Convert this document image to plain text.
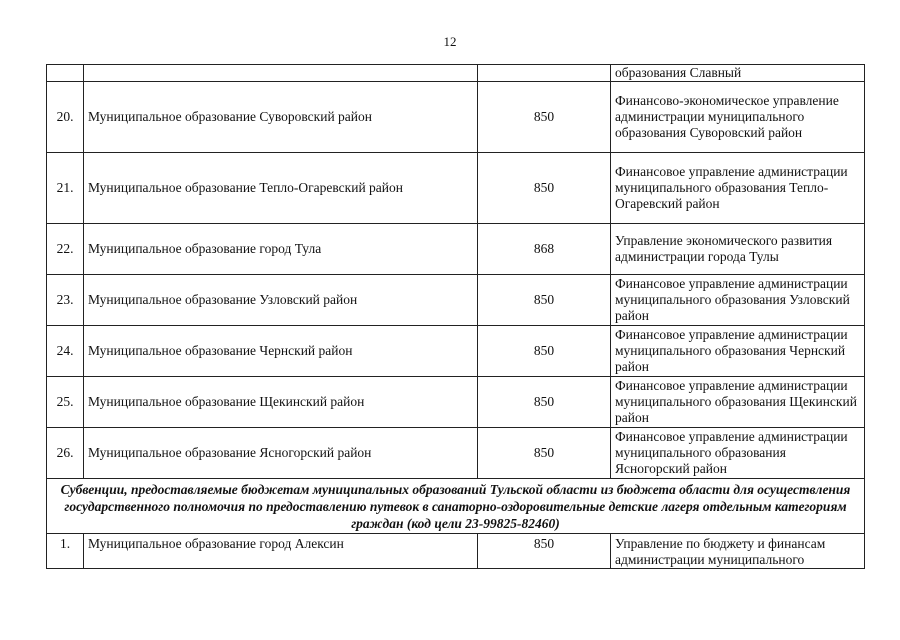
12
			образования Славный
20.	Муниципальное образование Суворовский район	850	Финансово-экономическое управление администрации муниципального образования Суворовский район
21.	Муниципальное образование Тепло-Огаревский район	850	Финансовое управление администрации муниципального образования Тепло-Огаревский район
22.	Муниципальное образование город Тула	868	Управление экономического развития администрации города Тулы
23.	Муниципальное образование Узловский район	850	Финансовое управление администрации муниципального образования Узловский район
24.	Муниципальное образование Чернский район	850	Финансовое управление администрации муниципального образования Чернский район
25.	Муниципальное образование Щекинский район	850	Финансовое управление администрации муниципального образования Щекинский район
26.	Муниципальное образование Ясногорский район	850	Финансовое управление администрации муниципального образования Ясногорский район
Субвенции, предоставляемые бюджетам муниципальных образований Тульской области из бюджета области для осуществления государственного полномочия по предоставлению путевок в санаторно-оздоровительные детские лагеря отдельным категориям граждан (код цели 23-99825-82460)			
1.	Муниципальное образование город Алексин	850	Управление по бюджету и финансам администрации муниципального
